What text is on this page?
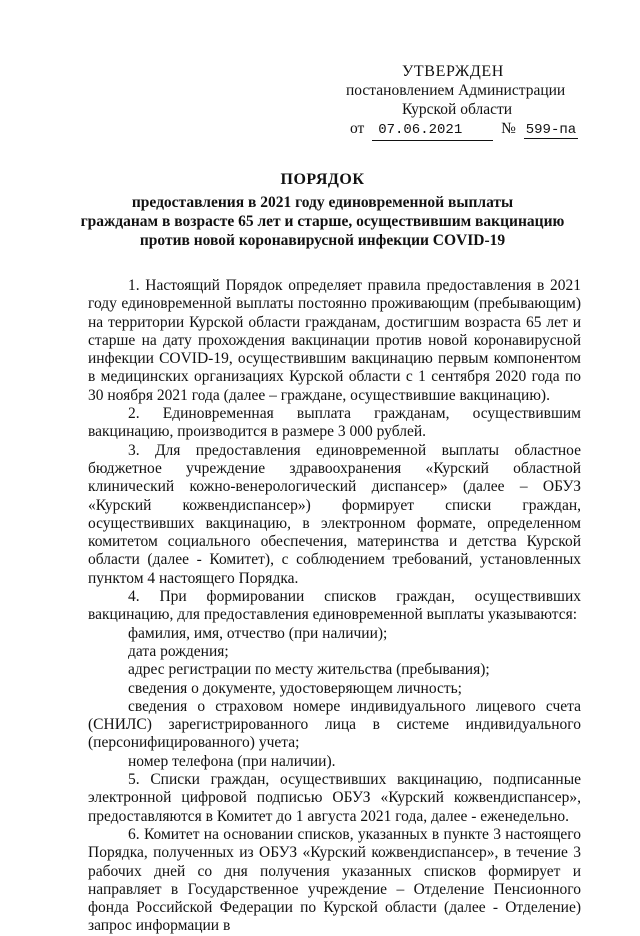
УТВЕРЖДЕН
постановлением Администрации
Курской области
от 07.06.2021	№ 599-па
ПОРЯДОК
предоставления в 2021 году единовременной выплаты
гражданам в возрасте 65 лет и старше, осуществившим вакцинацию
против новой коронавирусной инфекции COVID-19

1. Настоящий Порядок определяет правила предоставления в 2021 году единовременной выплаты постоянно проживающим (пребывающим) на территории Курской области гражданам, достигшим возраста 65 лет и старше на дату прохождения вакцинации против новой коронавирусной инфекции COVID-19, осуществившим вакцинацию первым компонентом в медицинских организациях Курской области с 1 сентября 2020 года по 30 ноября 2021 года (далее – граждане, осуществившие вакцинацию).

2. Единовременная выплата гражданам, осуществившим вакцинацию, производится в размере 3 000 рублей.

3. Для предоставления единовременной выплаты областное бюджетное учреждение здравоохранения «Курский областной клинический кожно-венерологический диспансер» (далее – ОБУЗ «Курский кожвендиспансер») формирует списки граждан, осуществивших вакцинацию, в электронном формате, определенном комитетом социального обеспечения, материнства и детства Курской области (далее - Комитет), с соблюдением требований, установленных пунктом 4 настоящего Порядка.

4. При формировании списков граждан, осуществивших вакцинацию, для предоставления единовременной выплаты указываются:

фамилия, имя, отчество (при наличии);

дата рождения;

адрес регистрации по месту жительства (пребывания);

сведения о документе, удостоверяющем личность;

сведения о страховом номере индивидуального лицевого счета (СНИЛС) зарегистрированного лица в системе индивидуального (персонифицированного) учета;

номер телефона (при наличии).

5. Списки граждан, осуществивших вакцинацию, подписанные электронной цифровой подписью ОБУЗ «Курский кожвендиспансер», предоставляются в Комитет до 1 августа 2021 года, далее - еженедельно.

6. Комитет на основании списков, указанных в пункте 3 настоящего Порядка, полученных из ОБУЗ «Курский кожвендиспансер», в течение 3 рабочих дней со дня получения указанных списков формирует и направляет в Государственное учреждение – Отделение Пенсионного фонда Российской Федерации по Курской области (далее - Отделение) запрос информации в
